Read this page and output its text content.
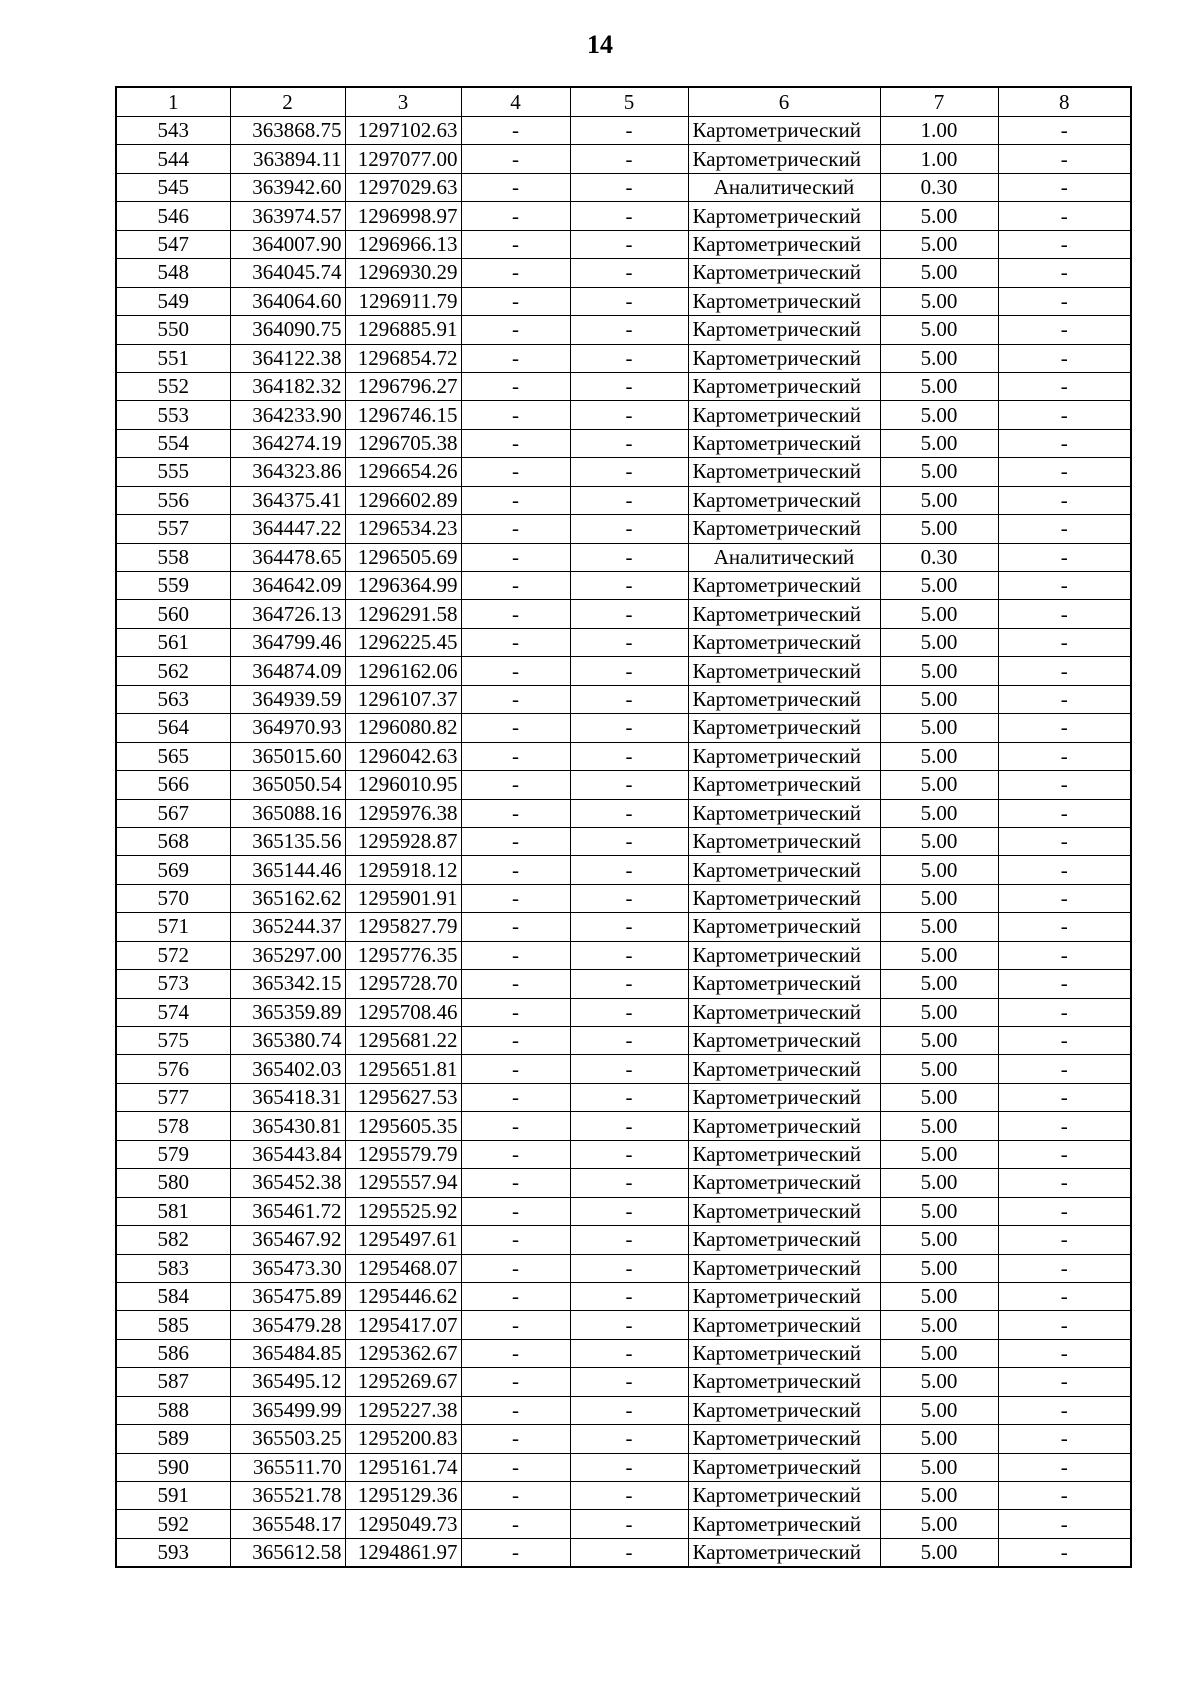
14
1	2	3	4	5	6	7	8
543	363868.75	1297102.63	-	-	Картометрический	1.00	-
544	363894.11	1297077.00	-	-	Картометрический	1.00	-
545	363942.60	1297029.63	-	-	Аналитический	0.30	-
546	363974.57	1296998.97	-	-	Картометрический	5.00	-
547	364007.90	1296966.13	-	-	Картометрический	5.00	-
548	364045.74	1296930.29	-	-	Картометрический	5.00	-
549	364064.60	1296911.79	-	-	Картометрический	5.00	-
550	364090.75	1296885.91	-	-	Картометрический	5.00	-
551	364122.38	1296854.72	-	-	Картометрический	5.00	-
552	364182.32	1296796.27	-	-	Картометрический	5.00	-
553	364233.90	1296746.15	-	-	Картометрический	5.00	-
554	364274.19	1296705.38	-	-	Картометрический	5.00	-
555	364323.86	1296654.26	-	-	Картометрический	5.00	-
556	364375.41	1296602.89	-	-	Картометрический	5.00	-
557	364447.22	1296534.23	-	-	Картометрический	5.00	-
558	364478.65	1296505.69	-	-	Аналитический	0.30	-
559	364642.09	1296364.99	-	-	Картометрический	5.00	-
560	364726.13	1296291.58	-	-	Картометрический	5.00	-
561	364799.46	1296225.45	-	-	Картометрический	5.00	-
562	364874.09	1296162.06	-	-	Картометрический	5.00	-
563	364939.59	1296107.37	-	-	Картометрический	5.00	-
564	364970.93	1296080.82	-	-	Картометрический	5.00	-
565	365015.60	1296042.63	-	-	Картометрический	5.00	-
566	365050.54	1296010.95	-	-	Картометрический	5.00	-
567	365088.16	1295976.38	-	-	Картометрический	5.00	-
568	365135.56	1295928.87	-	-	Картометрический	5.00	-
569	365144.46	1295918.12	-	-	Картометрический	5.00	-
570	365162.62	1295901.91	-	-	Картометрический	5.00	-
571	365244.37	1295827.79	-	-	Картометрический	5.00	-
572	365297.00	1295776.35	-	-	Картометрический	5.00	-
573	365342.15	1295728.70	-	-	Картометрический	5.00	-
574	365359.89	1295708.46	-	-	Картометрический	5.00	-
575	365380.74	1295681.22	-	-	Картометрический	5.00	-
576	365402.03	1295651.81	-	-	Картометрический	5.00	-
577	365418.31	1295627.53	-	-	Картометрический	5.00	-
578	365430.81	1295605.35	-	-	Картометрический	5.00	-
579	365443.84	1295579.79	-	-	Картометрический	5.00	-
580	365452.38	1295557.94	-	-	Картометрический	5.00	-
581	365461.72	1295525.92	-	-	Картометрический	5.00	-
582	365467.92	1295497.61	-	-	Картометрический	5.00	-
583	365473.30	1295468.07	-	-	Картометрический	5.00	-
584	365475.89	1295446.62	-	-	Картометрический	5.00	-
585	365479.28	1295417.07	-	-	Картометрический	5.00	-
586	365484.85	1295362.67	-	-	Картометрический	5.00	-
587	365495.12	1295269.67	-	-	Картометрический	5.00	-
588	365499.99	1295227.38	-	-	Картометрический	5.00	-
589	365503.25	1295200.83	-	-	Картометрический	5.00	-
590	365511.70	1295161.74	-	-	Картометрический	5.00	-
591	365521.78	1295129.36	-	-	Картометрический	5.00	-
592	365548.17	1295049.73	-	-	Картометрический	5.00	-
593	365612.58	1294861.97	-	-	Картометрический	5.00	-
